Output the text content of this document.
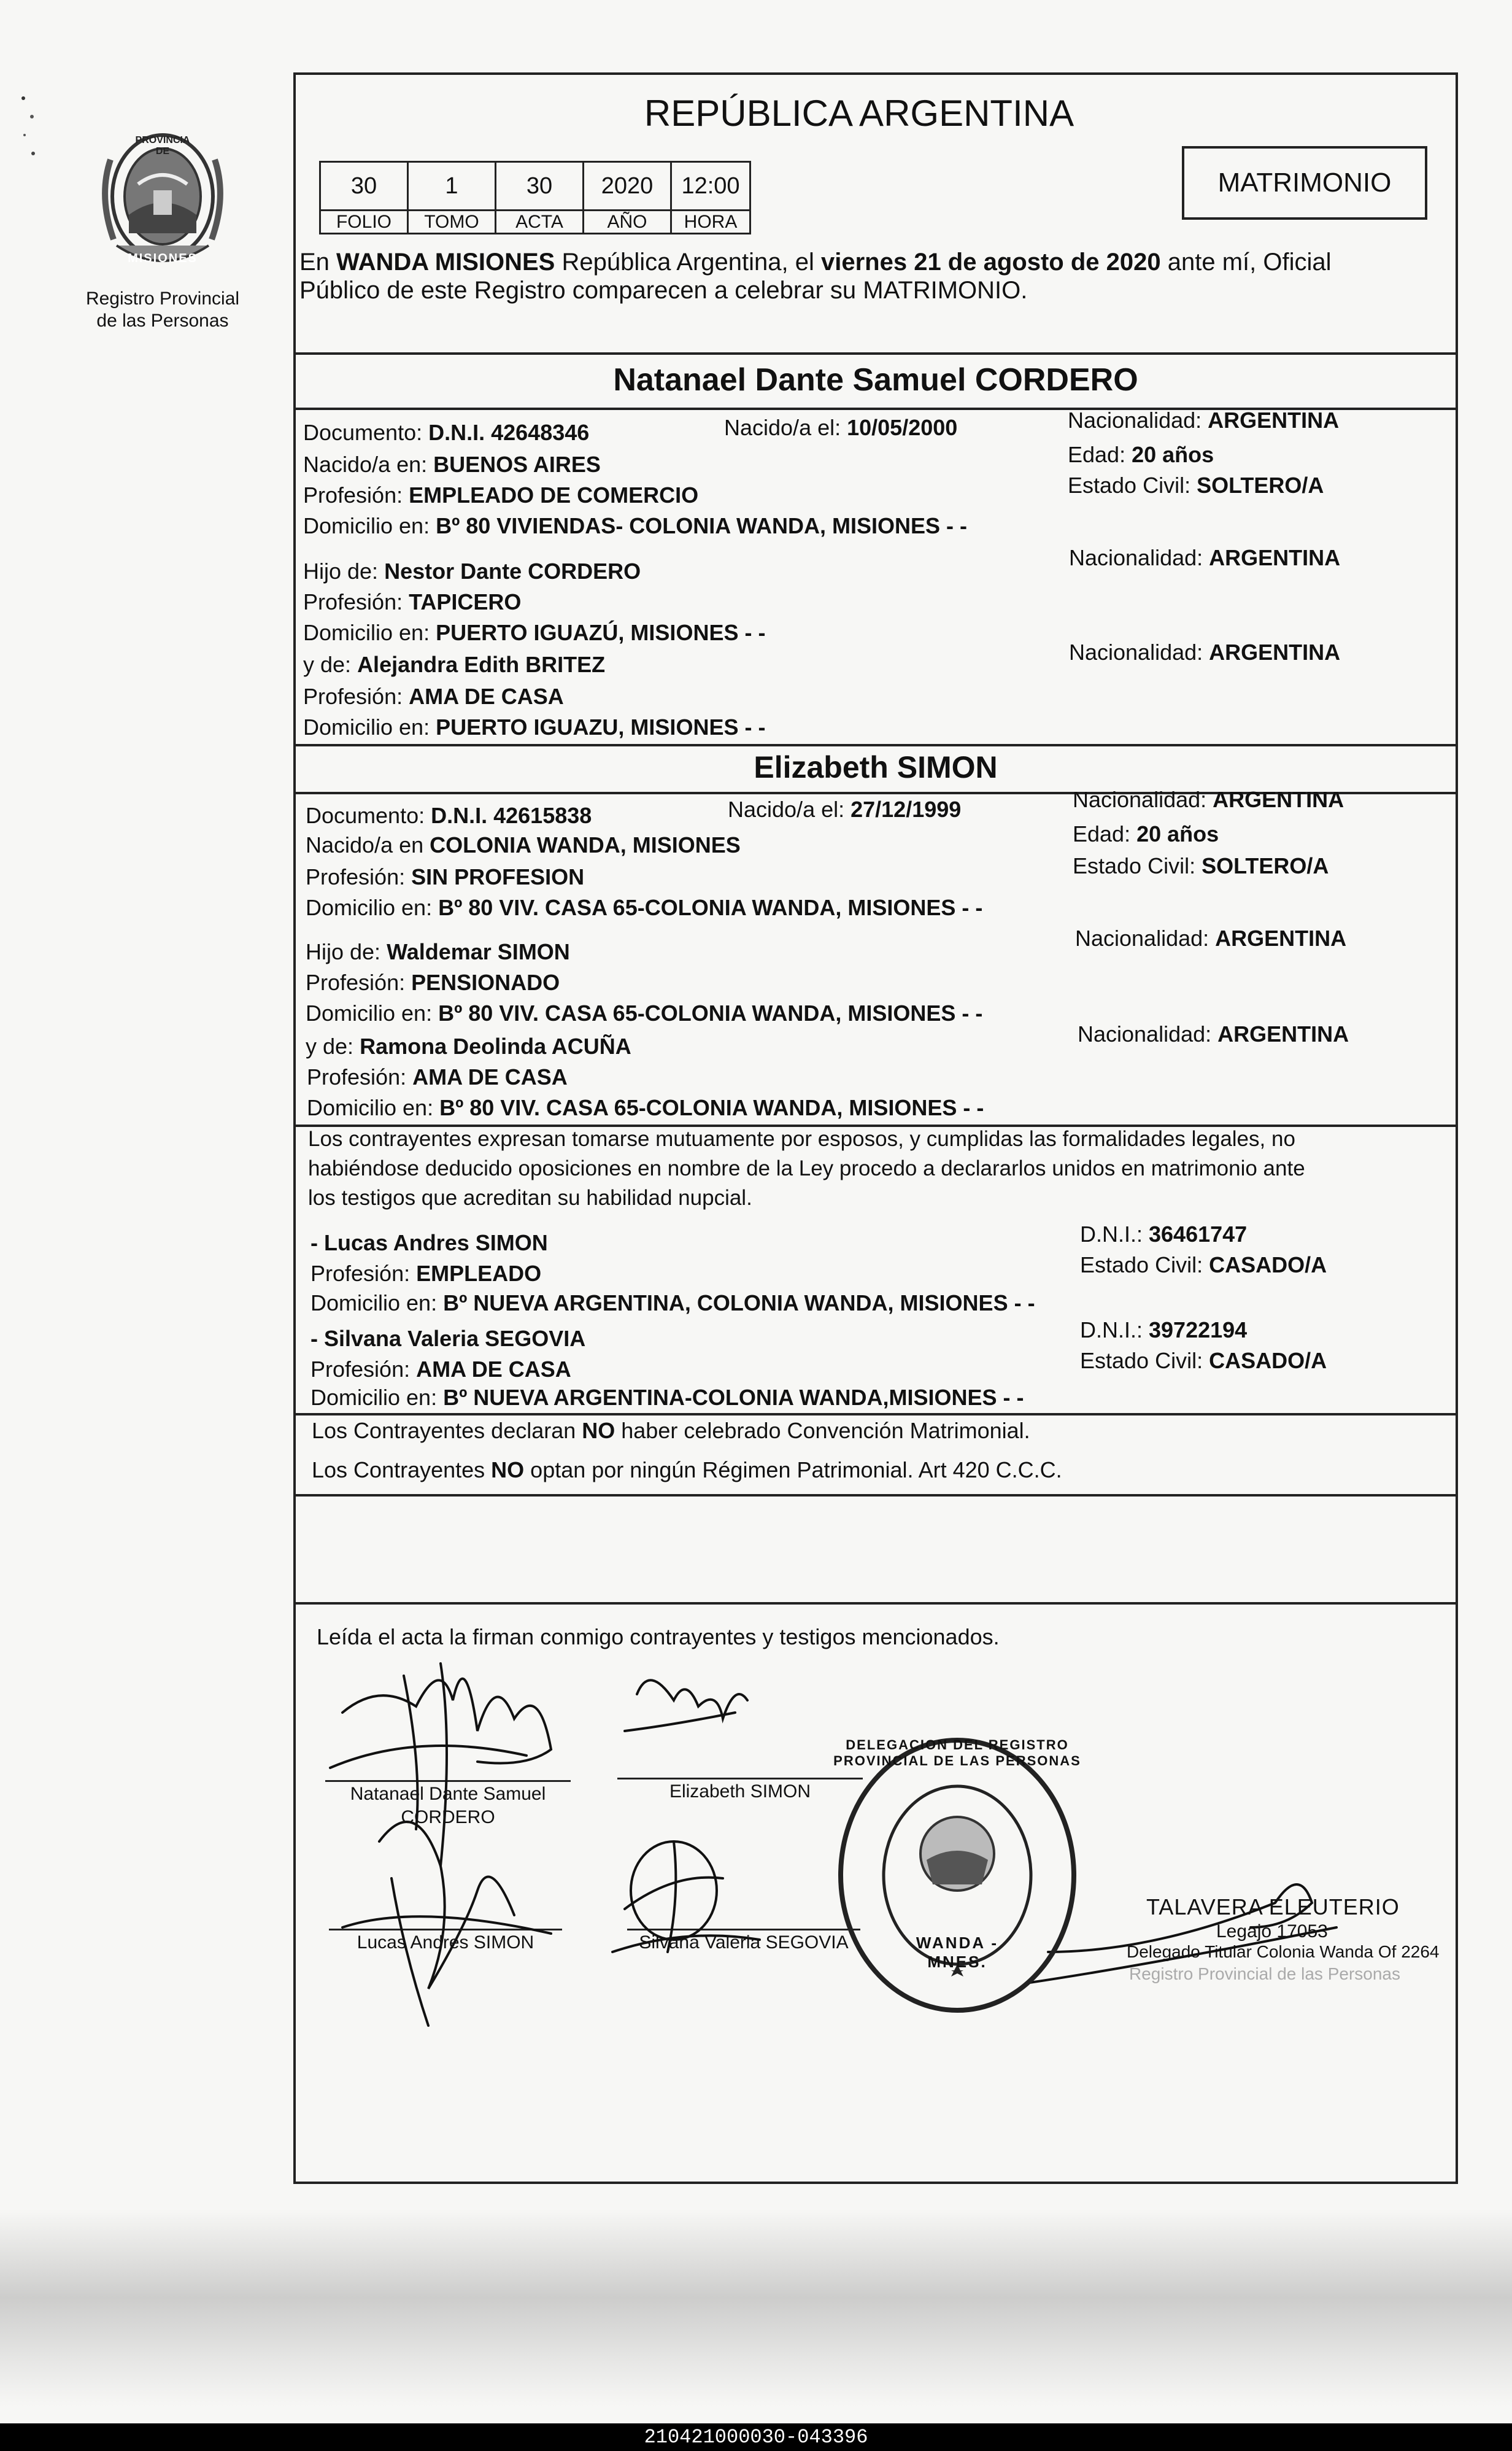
PROVINCIA DE
MISIONES
Registro Provincial
de las Personas
REPÚBLICA ARGENTINA
30	1	30	2020	12:00
FOLIO	TOMO	ACTA	AÑO	HORA
MATRIMONIO
En WANDA MISIONES República Argentina, el viernes 21 de agosto de 2020 ante mí, Oficial
Público de este Registro comparecen a celebrar su MATRIMONIO.
Natanael Dante Samuel CORDERO
Documento: D.N.I. 42648346	Nacido/a el: 10/05/2000	Nacionalidad: ARGENTINA
Nacido/a en: BUENOS AIRES	Edad: 20 años
Profesión: EMPLEADO DE COMERCIO	Estado Civil: SOLTERO/A
Domicilio en: Bº 80 VIVIENDAS- COLONIA WANDA, MISIONES - -
Hijo de: Nestor Dante CORDERO
Nacionalidad: ARGENTINA
Profesión: TAPICERO
Domicilio en: PUERTO IGUAZÚ, MISIONES - -
y de: Alejandra Edith BRITEZ	Nacionalidad: ARGENTINA
Profesión: AMA DE CASA
Domicilio en: PUERTO IGUAZU, MISIONES - -
Elizabeth SIMON
Documento: D.N.I. 42615838	Nacido/a el: 27/12/1999	Nacionalidad: ARGENTINA
Nacido/a en COLONIA WANDA, MISIONES	Edad: 20 años
Profesión: SIN PROFESION	Estado Civil: SOLTERO/A
Domicilio en: Bº 80 VIV. CASA 65-COLONIA WANDA, MISIONES - -
Hijo de: Waldemar SIMON
Nacionalidad: ARGENTINA
Profesión: PENSIONADO
Domicilio en: Bº 80 VIV. CASA 65-COLONIA WANDA, MISIONES - -
y de: Ramona Deolinda ACUÑA	Nacionalidad: ARGENTINA
Profesión: AMA DE CASA
Domicilio en: Bº 80 VIV. CASA 65-COLONIA WANDA, MISIONES - -
Los contrayentes expresan tomarse mutuamente por esposos, y cumplidas las formalidades legales, no
habiéndose deducido oposiciones en nombre de la Ley procedo a declararlos unidos en matrimonio ante
los testigos que acreditan su habilidad nupcial.
- Lucas Andres SIMON	D.N.I.: 36461747
Profesión: EMPLEADO	Estado Civil: CASADO/A
Domicilio en: Bº NUEVA ARGENTINA, COLONIA WANDA, MISIONES - -
- Silvana Valeria SEGOVIA	D.N.I.: 39722194
Profesión: AMA DE CASA	Estado Civil: CASADO/A
Domicilio en: Bº NUEVA ARGENTINA-COLONIA WANDA,MISIONES - -
Los Contrayentes declaran NO haber celebrado Convención Matrimonial.
Los Contrayentes NO optan por ningún Régimen Patrimonial. Art 420 C.C.C.
Leída el acta la firman conmigo contrayentes y testigos mencionados.
Natanael Dante Samuel
CORDERO
Elizabeth SIMON
Lucas Andres SIMON	Silvana Valeria SEGOVIA	WANDA - MNES.
DELEGACION DEL REGISTRO PROVINCIAL DE LAS PERSONAS
TALAVERA ELEUTERIO
Legajo 17053
Delegado Titular Colonia Wanda Of 2264
Registro Provincial de las Personas
210421000030-043396
